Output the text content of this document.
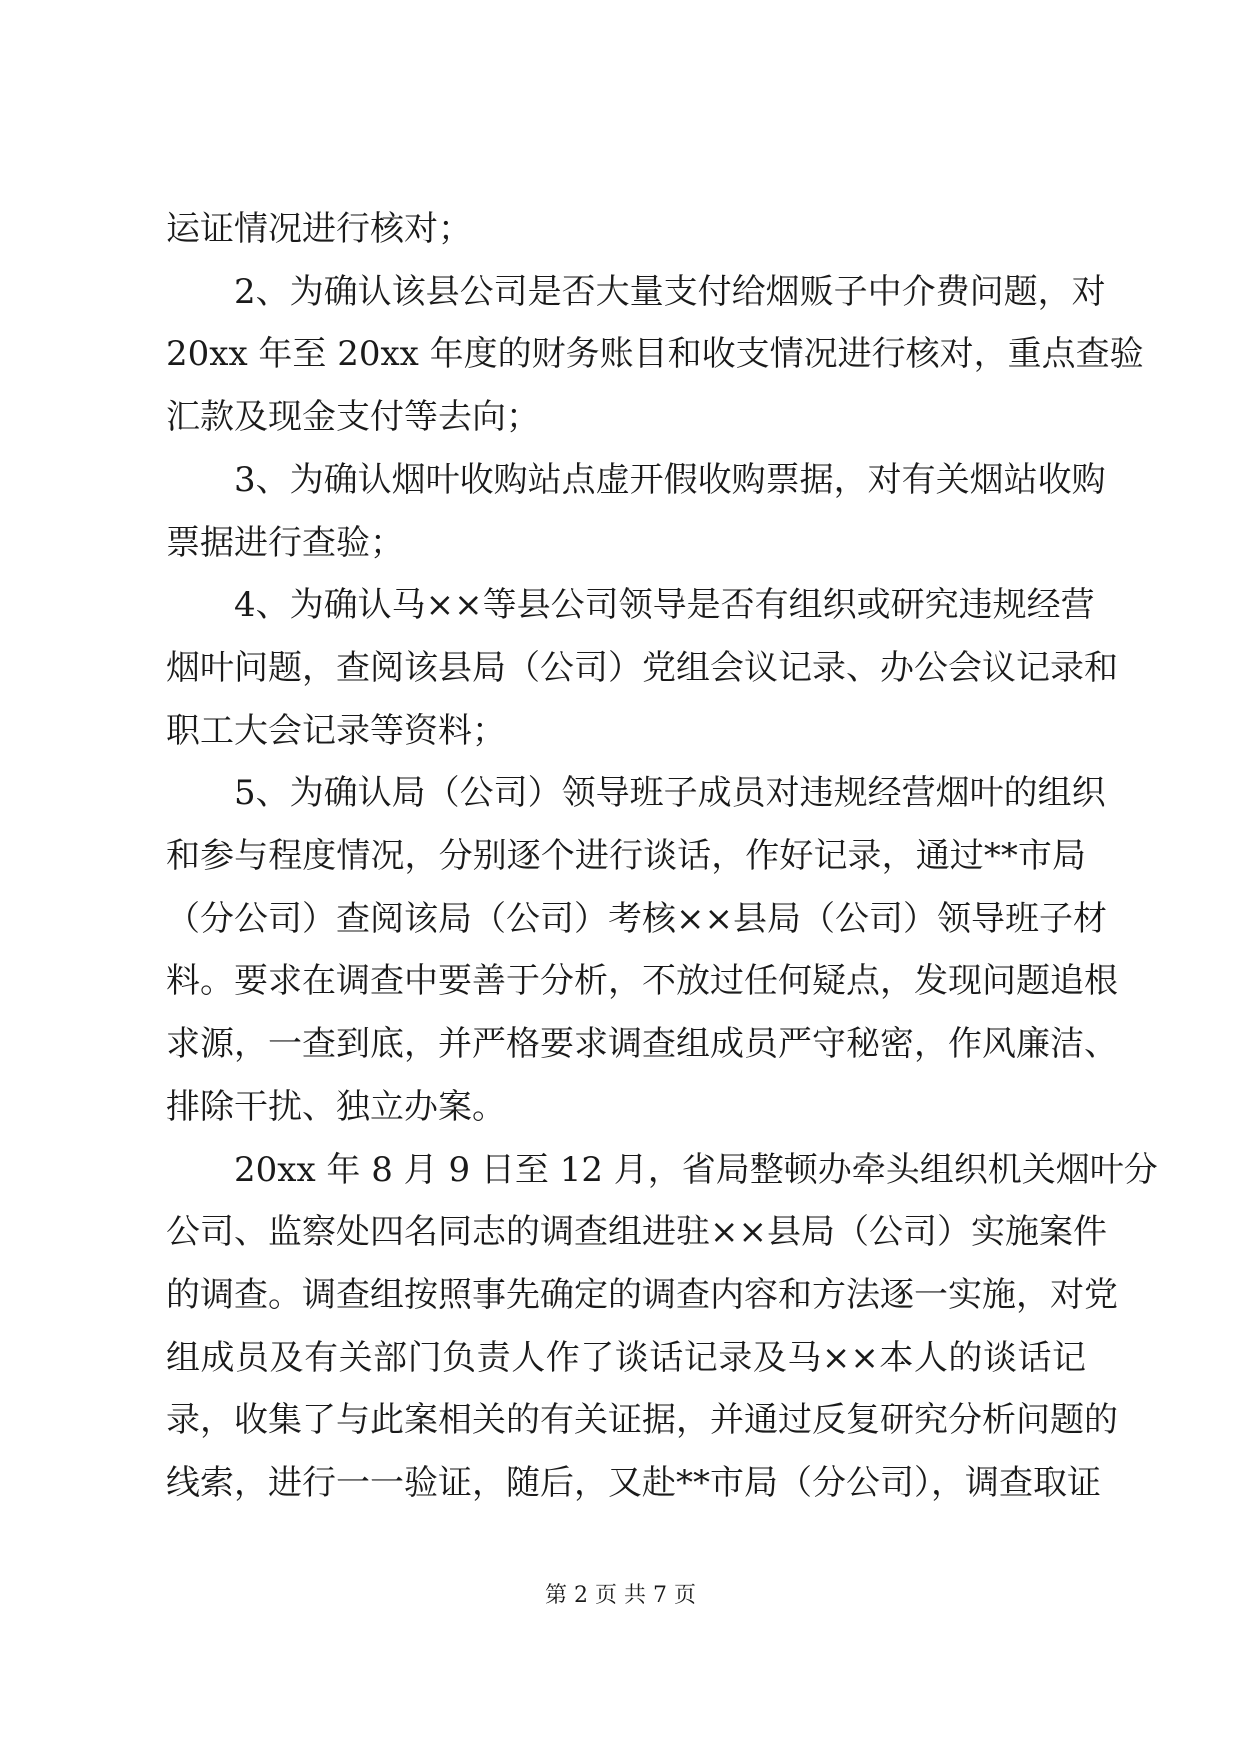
运证情况进行核对；
2、为确认该县公司是否大量支付给烟贩子中介费问题，对
20xx 年至 20xx 年度的财务账目和收支情况进行核对，重点查验
汇款及现金支付等去向；
3、为确认烟叶收购站点虚开假收购票据，对有关烟站收购
票据进行查验；
4、为确认马××等县公司领导是否有组织或研究违规经营
烟叶问题，查阅该县局（公司）党组会议记录、办公会议记录和
职工大会记录等资料；
5、为确认局（公司）领导班子成员对违规经营烟叶的组织
和参与程度情况，分别逐个进行谈话，作好记录，通过**市局
（分公司）查阅该局（公司）考核××县局（公司）领导班子材
料。要求在调查中要善于分析，不放过任何疑点，发现问题追根
求源，一查到底，并严格要求调查组成员严守秘密，作风廉洁、
排除干扰、独立办案。
20xx 年 8 月 9 日至 12 月，省局整顿办牵头组织机关烟叶分
公司、监察处四名同志的调查组进驻××县局（公司）实施案件
的调查。调查组按照事先确定的调查内容和方法逐一实施，对党
组成员及有关部门负责人作了谈话记录及马××本人的谈话记
录，收集了与此案相关的有关证据，并通过反复研究分析问题的
线索，进行一一验证，随后，又赴**市局（分公司），调查取证
第 2 页 共 7 页
